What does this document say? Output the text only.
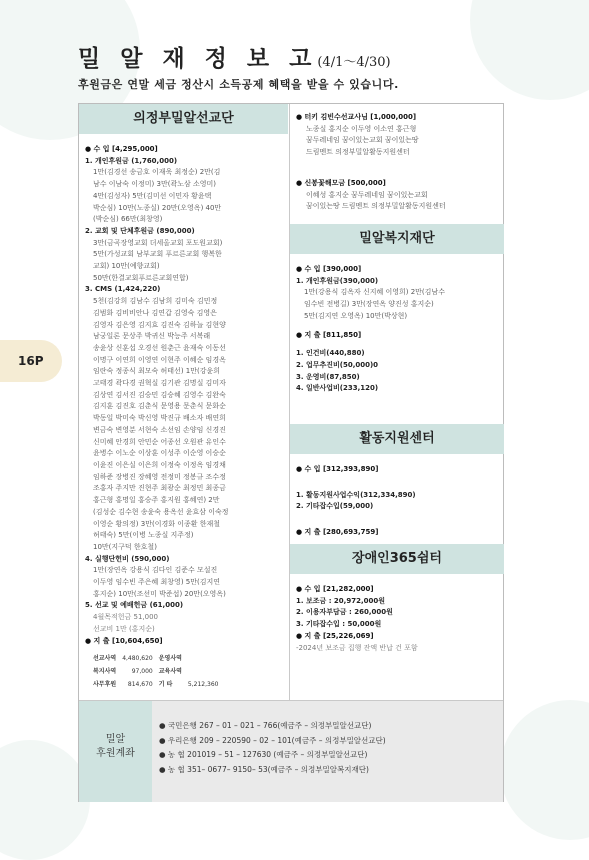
밀 알 재 정 보 고(4/1～4/30)
후원금은 연말 세금 정산시 소득공제 혜택을 받을 수 있습니다.
16P
의정부밀알선교단
● 수 입 [4,295,000]
1. 개인후원금 (1,760,000)
1만(김경선 송금호 이재욱 최정순) 2만(김
남수 이남숙 이정미) 3만(곽노삼 소영미)
4만(김성자) 5만(김미선 이민자 황윤택
박순심) 10만(노종실) 20만(오영옥) 40만
(박순심) 66만(최창영)
2. 교회 및 단체후원금 (890,000)
3만(금곡장영교회 더세올교회 포도원교회)
5만(가성교회 남부교회 푸르른교회 행복한
교회) 10만(예향교회)
50만(한결교회푸르른교회연합)
3. CMS (1,424,220)
5천(김강희 김남수 김남희 김미숙 김민정
김범화 김비비안나 김연갑 김영숙 김영은
김영자 김은영 김지효 김진숙 김하늘 김현양
남궁일론 문상주 박귀신 박능주 서복래
송윤상 신훈섭 오경선 원춘근 윤재숙 이동선
이명구 이연희 이영연 이현주 이혜순 임경옥
임란숙 정종식 최모숙 허태선) 1만(강윤희
고태경 곽다경 권혁실 김기관 김명실 김미자
김상연 김서진 김승민 김승혜 김영수 김완숙
김지훈 김진호 김춘식 문영용 문춘식 문화순
박동일 박미숙 박신영 박진규 배소자 배연희
변금숙 변영분 서현숙 소선임 손양임 신경진
신미혜 안경희 안민순 어종선 오원관 유인수
윤병수 이노순 이상훈 이성주 이순영 이승순
이윤진 이은실 이은희 이정숙 이정옥 임경채
임하준 장병진 장혜영 전정미 정봉규 조수정
조홍자 주지만 진현주 최광순 최정민 최종금
홍근형 홍명일 홍승주 홍지원 홍혜연) 2만
(김성순 김수현 송윤숙 용옥선 윤효삼 이숙정
이영순 황의정) 3만(이경화 이종환 한재철
허태숙) 5만(이병 노종실 지주정)
10만(지구덕 한호철)
4. 실행단헌비 (590,000)
1만(장연옥 강용식 김다인 김준수 모설진
이두영 임수빈 주은혜 최창영) 5만(김지연
홍지순) 10만(조선미 박준섭) 20만(오영옥)
5. 선교 및 예배헌금 (61,000)
4월목적헌금 51,000
선교비 1만 (홍지순)
● 지 출 [10,604,650]
선교사역	4,480,620	운영사역	
복지사역	97,000	교육사역	
사무후원	814,670	기 타	5,212,360
● 터키 김빈수선교사님 [1,000,000]
노종실 홍지순 이두영 이소연 홍근형
꿈두레네임 꿈이있는교회 꿈이있는땅
드림멘트 의정부밀알활동지원센터
● 신봉꽃해모금 [500,000]
이혜성 홍지순 꿈두레네임 꿈이있는교회
꿈이있는땅 드림멘트 의정부밀알활동지원센터
밀알복지재단
● 수 입 [390,000]
1. 개인후원금(390,000)
1만(강용식 김옥자 신지혜 이영희) 2만(김남수
임수빈 전병길) 3만(장연옥 양진성 홍지순)
5만(김지연 오영옥) 10만(박상현)
● 지 출 [811,850]
1. 인건비(440,880)
2. 업무추진비(50,000)0
3. 운영비(87,850)
4. 일반사업비(233,120)
활동지원센터
● 수 입 [312,393,890]
1. 활동지원사업수익(312,334,890)
2. 기타잡수입(59,000)
● 지 출 [280,693,759]
장애인365쉼터
● 수 입 [21,282,000]
1. 보조금 : 20,972,000원
2. 이용자부담금 : 260,000원
3. 기타잡수입 : 50,000원
● 지 출 [25,226,069]
-2024년 보조금 집행 잔액 반납 건 포함
밀알
후원계좌
● 국민은행 267 – 01 – 021 – 766(예금주 – 의정부밀알선교단)
● 우리은행 209 – 220590 – 02 – 101(예금주 – 의정부밀알선교단)
● 농 협 201019 – 51 – 127630 (예금주 – 의정부밀알선교단)
● 농 협 351– 0677– 9150– 53(예금주 – 의정부밀알복지재단)
